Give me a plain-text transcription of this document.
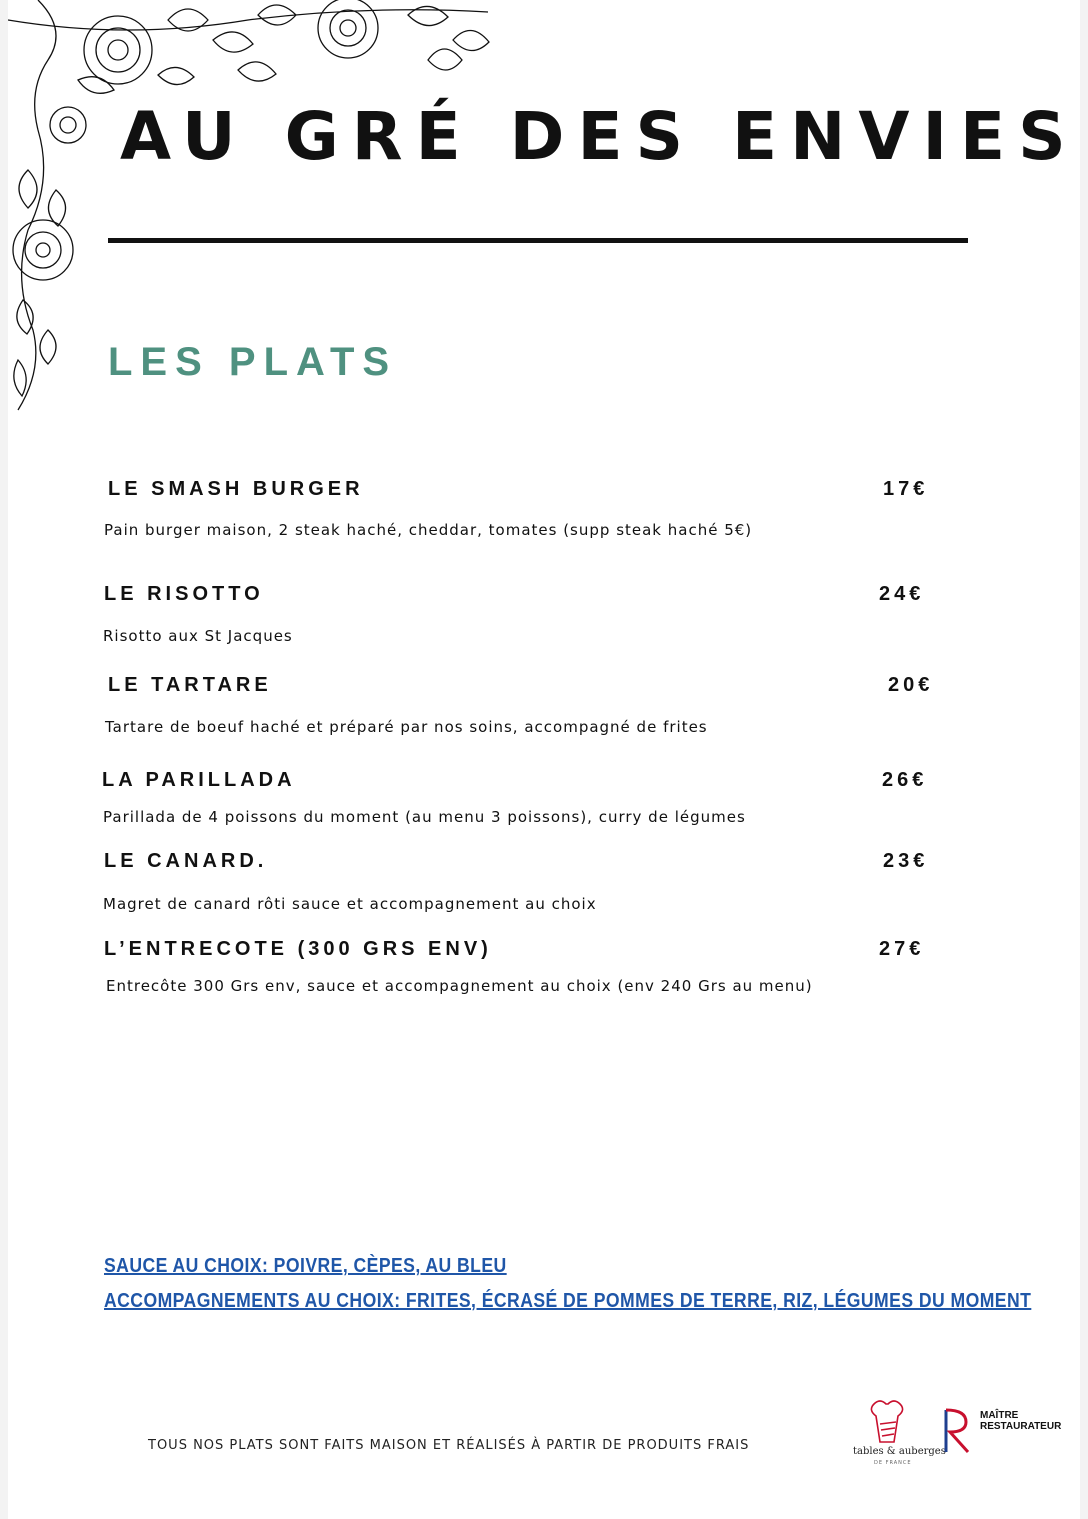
AU GRÉ DES ENVIES
LES PLATS
LE SMASH BURGER	17€
Pain burger maison, 2 steak haché, cheddar, tomates (supp steak haché 5€)
LE RISOTTO	24€
Risotto aux St Jacques
LE TARTARE	20€
Tartare de boeuf haché et préparé par nos soins, accompagné de frites
LA PARILLADA	26€
Parillada de 4 poissons du moment (au menu 3 poissons), curry de légumes
LE CANARD.	23€
Magret de canard rôti sauce et accompagnement au choix
L’ENTRECOTE (300 GRS ENV)	27€
Entrecôte 300 Grs env, sauce et accompagnement au choix (env 240 Grs au menu)
SAUCE AU CHOIX: POIVRE, CÈPES, AU BLEU
ACCOMPAGNEMENTS AU CHOIX: FRITES, ÉCRASÉ DE POMMES DE TERRE, RIZ, LÉGUMES DU MOMENT
TOUS NOS PLATS SONT FAITS MAISON ET RÉALISÉS À PARTIR DE PRODUITS FRAIS	tables & auberges
DE FRANCE
MAÎTRE
RESTAURATEUR
